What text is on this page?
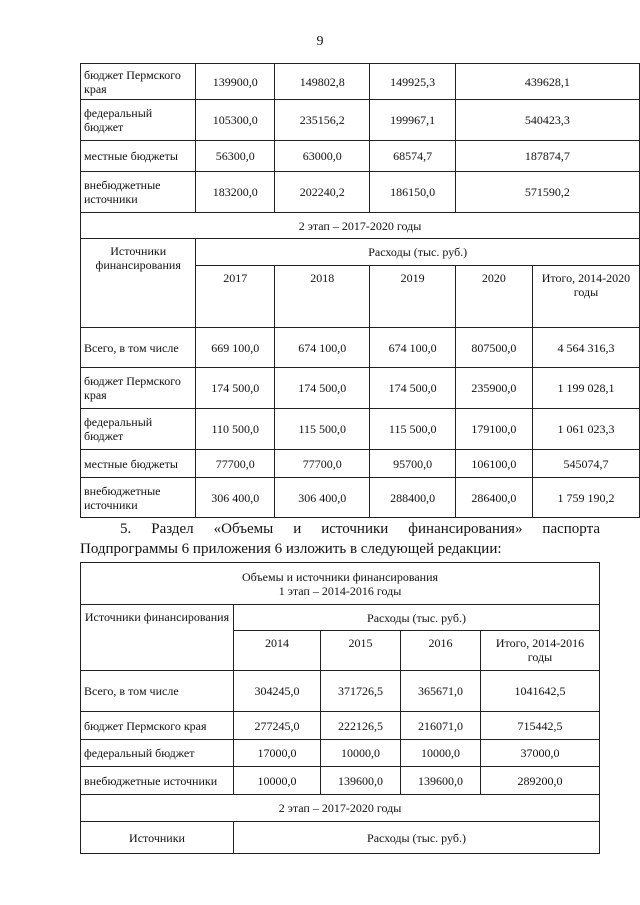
9
бюджет Пермского края	139900,0	149802,8	149925,3	439628,1	
федеральный бюджет	105300,0	235156,2	199967,1	540423,3	
местные бюджеты	56300,0	63000,0	68574,7	187874,7	
внебюджетные источники	183200,0	202240,2	186150,0	571590,2	
2 этап – 2017-2020 годы					
Источники финансирования	Расходы (тыс. руб.)				
	2017	2018	2019	2020	Итого, 2014-2020 годы
Всего, в том числе	669 100,0	674 100,0	674 100,0	807500,0	4 564 316,3
бюджет Пермского края	174 500,0	174 500,0	174 500,0	235900,0	1 199 028,1
федеральный бюджет	110 500,0	115 500,0	115 500,0	179100,0	1 061 023,3
местные бюджеты	77700,0	77700,0	95700,0	106100,0	545074,7
внебюджетные источники	306 400,0	306 400,0	288400,0	286400,0	1 759 190,2
5. Раздел «Объемы и источники финансирования» паспорта
Подпрограммы 6 приложения 6 изложить в следующей редакции:
Объемы и источники финансирования
1 этап – 2014-2016 годы				

Источники финансирования	Расходы (тыс. руб.)			
	2014	2015	2016	Итого, 2014-2016 годы
Всего, в том числе	304245,0	371726,5	365671,0	1041642,5
бюджет Пермского края	277245,0	222126,5	216071,0	715442,5
федеральный бюджет	17000,0	10000,0	10000,0	37000,0
внебюджетные источники	10000,0	139600,0	139600,0	289200,0
2 этап – 2017-2020 годы				
Источники	Расходы (тыс. руб.)			
